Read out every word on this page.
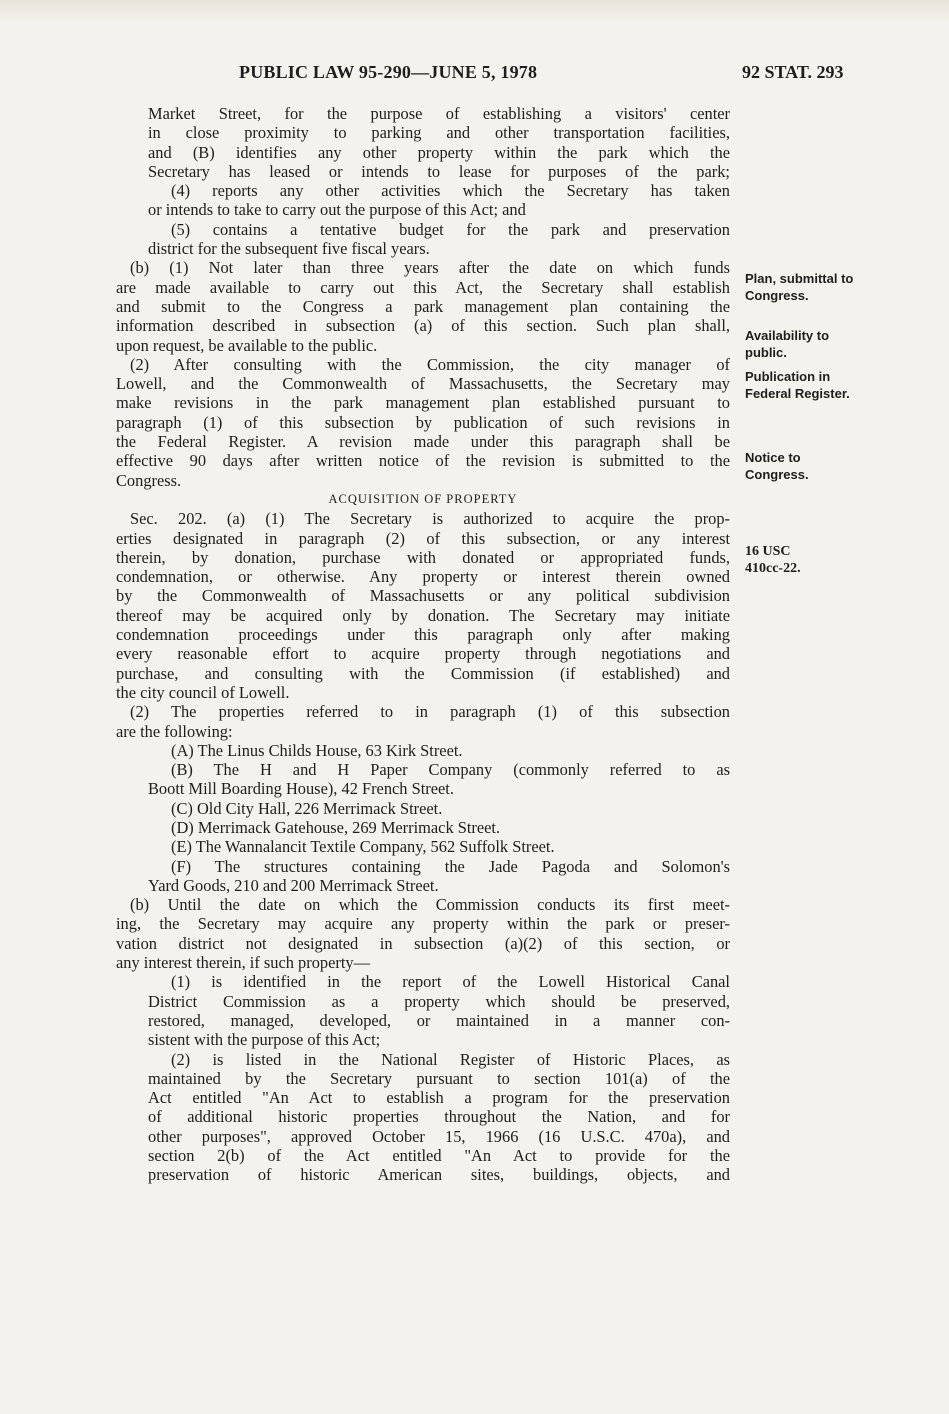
PUBLIC LAW 95-290—JUNE 5, 1978	92 STAT. 293
Market Street, for the purpose of establishing a visitors' center
in close proximity to parking and other transportation facilities,
and (B) identifies any other property within the park which the
Secretary has leased or intends to lease for purposes of the park;
(4) reports any other activities which the Secretary has taken
or intends to take to carry out the purpose of this Act; and
(5) contains a tentative budget for the park and preservation
district for the subsequent five fiscal years.
(b) (1) Not later than three years after the date on which funds
are made available to carry out this Act, the Secretary shall establish
and submit to the Congress a park management plan containing the
information described in subsection (a) of this section. Such plan shall,
upon request, be available to the public.
(2) After consulting with the Commission, the city manager of
Lowell, and the Commonwealth of Massachusetts, the Secretary may
make revisions in the park management plan established pursuant to
paragraph (1) of this subsection by publication of such revisions in
the Federal Register. A revision made under this paragraph shall be
effective 90 days after written notice of the revision is submitted to the
Congress.
ACQUISITION OF PROPERTY
Sec. 202. (a) (1) The Secretary is authorized to acquire the prop-
erties designated in paragraph (2) of this subsection, or any interest
therein, by donation, purchase with donated or appropriated funds,
condemnation, or otherwise. Any property or interest therein owned
by the Commonwealth of Massachusetts or any political subdivision
thereof may be acquired only by donation. The Secretary may initiate
condemnation proceedings under this paragraph only after making
every reasonable effort to acquire property through negotiations and
purchase, and consulting with the Commission (if established) and
the city council of Lowell.
(2) The properties referred to in paragraph (1) of this subsection
are the following:
(A) The Linus Childs House, 63 Kirk Street.
(B) The H and H Paper Company (commonly referred to as
Boott Mill Boarding House), 42 French Street.
(C) Old City Hall, 226 Merrimack Street.
(D) Merrimack Gatehouse, 269 Merrimack Street.
(E) The Wannalancit Textile Company, 562 Suffolk Street.
(F) The structures containing the Jade Pagoda and Solomon's
Yard Goods, 210 and 200 Merrimack Street.
(b) Until the date on which the Commission conducts its first meet-
ing, the Secretary may acquire any property within the park or preser-
vation district not designated in subsection (a)(2) of this section, or
any interest therein, if such property—
(1) is identified in the report of the Lowell Historical Canal
District Commission as a property which should be preserved,
restored, managed, developed, or maintained in a manner con-
sistent with the purpose of this Act;
(2) is listed in the National Register of Historic Places, as
maintained by the Secretary pursuant to section 101(a) of the
Act entitled "An Act to establish a program for the preservation
of additional historic properties throughout the Nation, and for
other purposes", approved October 15, 1966 (16 U.S.C. 470a), and
section 2(b) of the Act entitled "An Act to provide for the
preservation of historic American sites, buildings, objects, and
Plan, submittal to
Congress.
Availability to
public.
Publication in
Federal Register.
Notice to
Congress.
16 USC
410cc-22.
